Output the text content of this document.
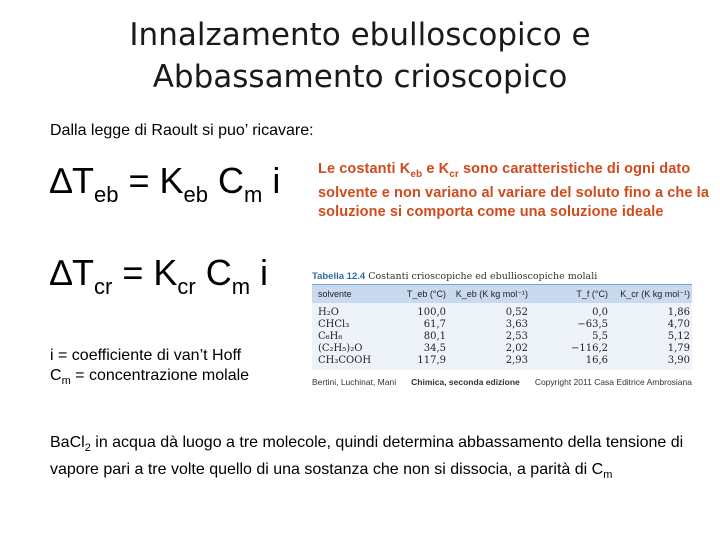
Innalzamento ebulloscopico e
Abbassamento crioscopico
Dalla legge di Raoult si puo’ ricavare:
$\Delta T_{eb} = K_{eb}$ $C_m$ i	Le costanti $K_{eb}$ e $K_{cr}$ sono caratteristiche di ogni dato solvente e non variano al variare del soluto fino a che la soluzione si comporta come una soluzione ideale
$\Delta T_{cr} = K_{cr}$ $C_m$ i	Tabella 12.4 Costanti crioscopiche ed ebullioscopiche molali
solvente	T_eb (°C)	K_eb (K kg mol⁻¹)	T_f (°C)	K_cr (K kg mol⁻¹)
H₂O	100,0	0,52	0,0	1,86
CHCl₃	61,7	3,63	−63,5	4,70
C₆H₆	80,1	2,53	5,5	5,12
(C₂H₅)₂O	34,5	2,02	−116,2	1,79
CH₃COOH	117,9	2,93	16,6	3,90
Bertini, Luchinat, Mani Chimica, seconda edizione Copyright 2011 Casa Editrice Ambrosiana
i = coefficiente di van’t Hoff
$C_m$ = concentrazione molale
BaCl$_2$ in acqua dà luogo a tre molecole, quindi determina abbassamento della tensione di vapore pari a tre volte quello di una sostanza che non si dissocia, a parità di $C_m$
